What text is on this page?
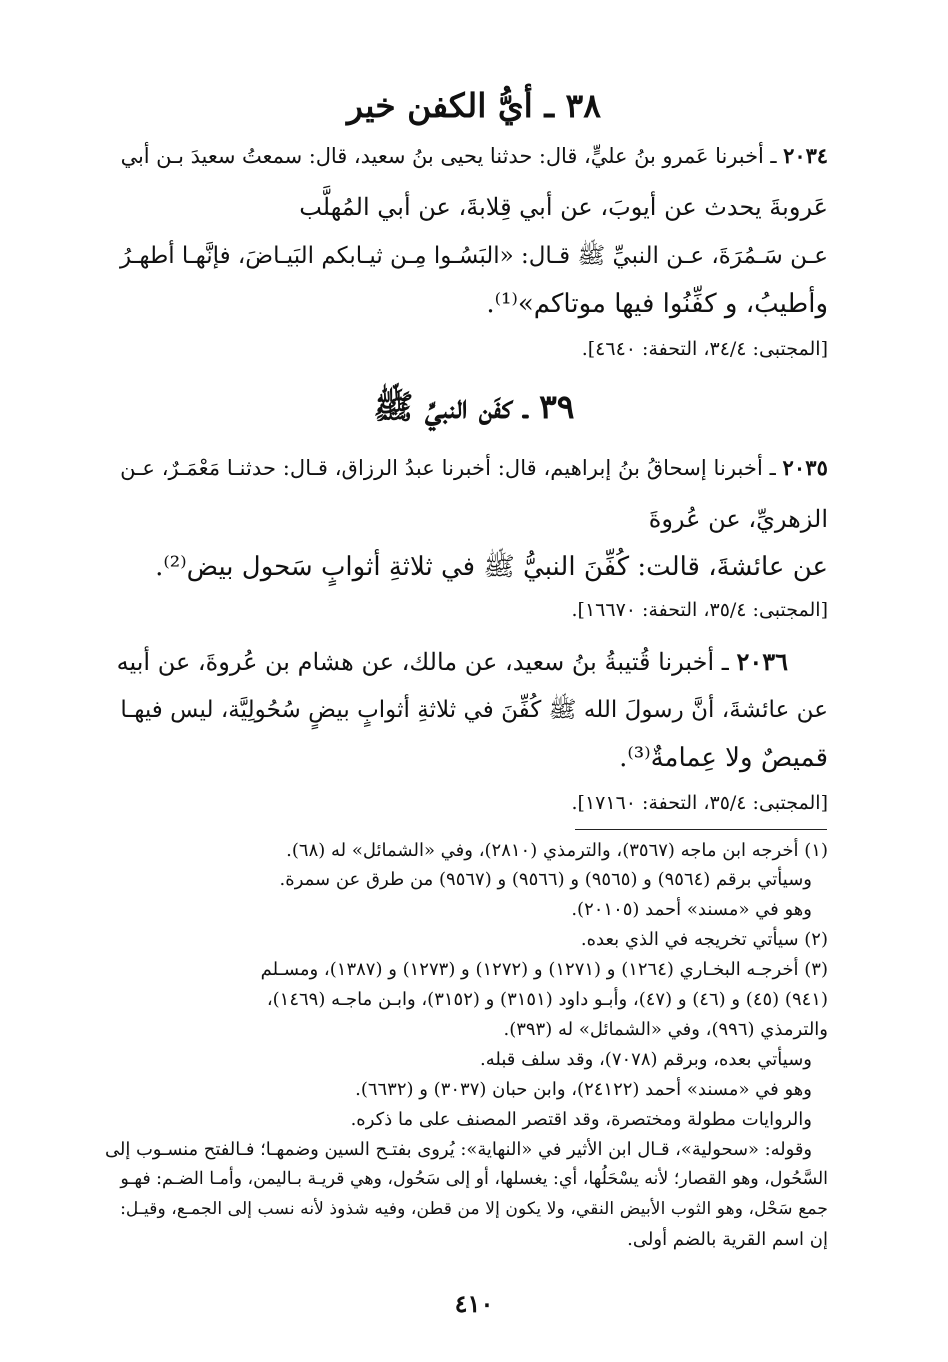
٣٨ ـ أيُّ الكفن خير
٢٠٣٤ ـ أخبرنا عَمرو بنُ عليٍّ، قال: حدثنا يحيى بنُ سعيد، قال: سمعتُ سعيدَ بـن أبي
عَروبةَ يحدث عن أيوبَ، عن أبي قِلابةَ، عن أبي المُهلَّب
عـن سَـمُرَةَ، عـن النبيِّ ﷺ قـال: «البَسُـوا مِـن ثيـابكم البَيـاضَ، فإنَّهـا أطهـرُ
وأطيبُ، و كفِّنُوا فيها موتاكم»⁽¹⁾.
[المجتبى: ٣٤/٤، التحفة: ٤٦٤٠].
٣٩ ـ كفَن النبيِّ ﷺ
٢٠٣٥ ـ أخبرنا إسحاقُ بنُ إبراهيم، قال: أخبرنا عبدُ الرزاق، قـال: حدثنـا مَعْمَـرٌ، عـن
الزهريِّ، عن عُروةَ
عن عائشةَ، قالت: كُفِّنَ النبيُّ ﷺ في ثلاثةِ أثوابٍ سَحول بيض⁽²⁾.
[المجتبى: ٣٥/٤، التحفة: ١٦٦٧٠].
٢٠٣٦ ـ أخبرنا قُتيبةُ بنُ سعيد، عن مالك، عن هشام بن عُروةَ، عن أبيه
عن عائشةَ، أنَّ رسولَ الله ﷺ كُفِّنَ في ثلاثةِ أثوابٍ بيضٍ سُحُولِيَّة، ليس فيهـا
قميصٌ ولا عِمامةٌ⁽³⁾.
[المجتبى: ٣٥/٤، التحفة: ١٧١٦٠].
(١) أخرجه ابن ماجه (٣٥٦٧)، والترمذي (٢٨١٠)، وفي «الشمائل» له (٦٨).
وسيأتي برقم (٩٥٦٤) و (٩٥٦٥) و (٩٥٦٦) و (٩٥٦٧) من طرق عن سمرة.
وهو في «مسند» أحمد (٢٠١٠٥).
(٢) سيأتي تخريجه في الذي بعده.
(٣) أخرجـه البخـاري (١٢٦٤) و (١٢٧١) و (١٢٧٢) و (١٢٧٣) و (١٣٨٧)، ومسـلم
(٩٤١) (٤٥) و (٤٦) و (٤٧)، وأبـو داود (٣١٥١) و (٣١٥٢)، وابـن ماجـه (١٤٦٩)،
والترمذي (٩٩٦)، وفي «الشمائل» له (٣٩٣).
وسيأتي بعده، وبرقم (٧٠٧٨)، وقد سلف قبله.
وهو في «مسند» أحمد (٢٤١٢٢)، وابن حبان (٣٠٣٧) و (٦٦٣٢).
والروايات مطولة ومختصرة، وقد اقتصر المصنف على ما ذكره.
وقوله: «سحولية»، قـال ابن الأثير في «النهاية»: يُروى بفتـح السين وضمهـا؛ فـالفتح منسـوب إلى
السَّحُول، وهو القصار؛ لأنه يسْحَلُها، أي: يغسلها، أو إلى سَحُول، وهي قريـة بـاليمن، وأمـا الضـم: فهـو
جمع سَحْل، وهو الثوب الأبيض النقي، ولا يكون إلا من قطن، وفيه شذوذ لأنه نسب إلى الجمـع، وقيـل:
إن اسم القرية بالضم أولى.
٤١٠
